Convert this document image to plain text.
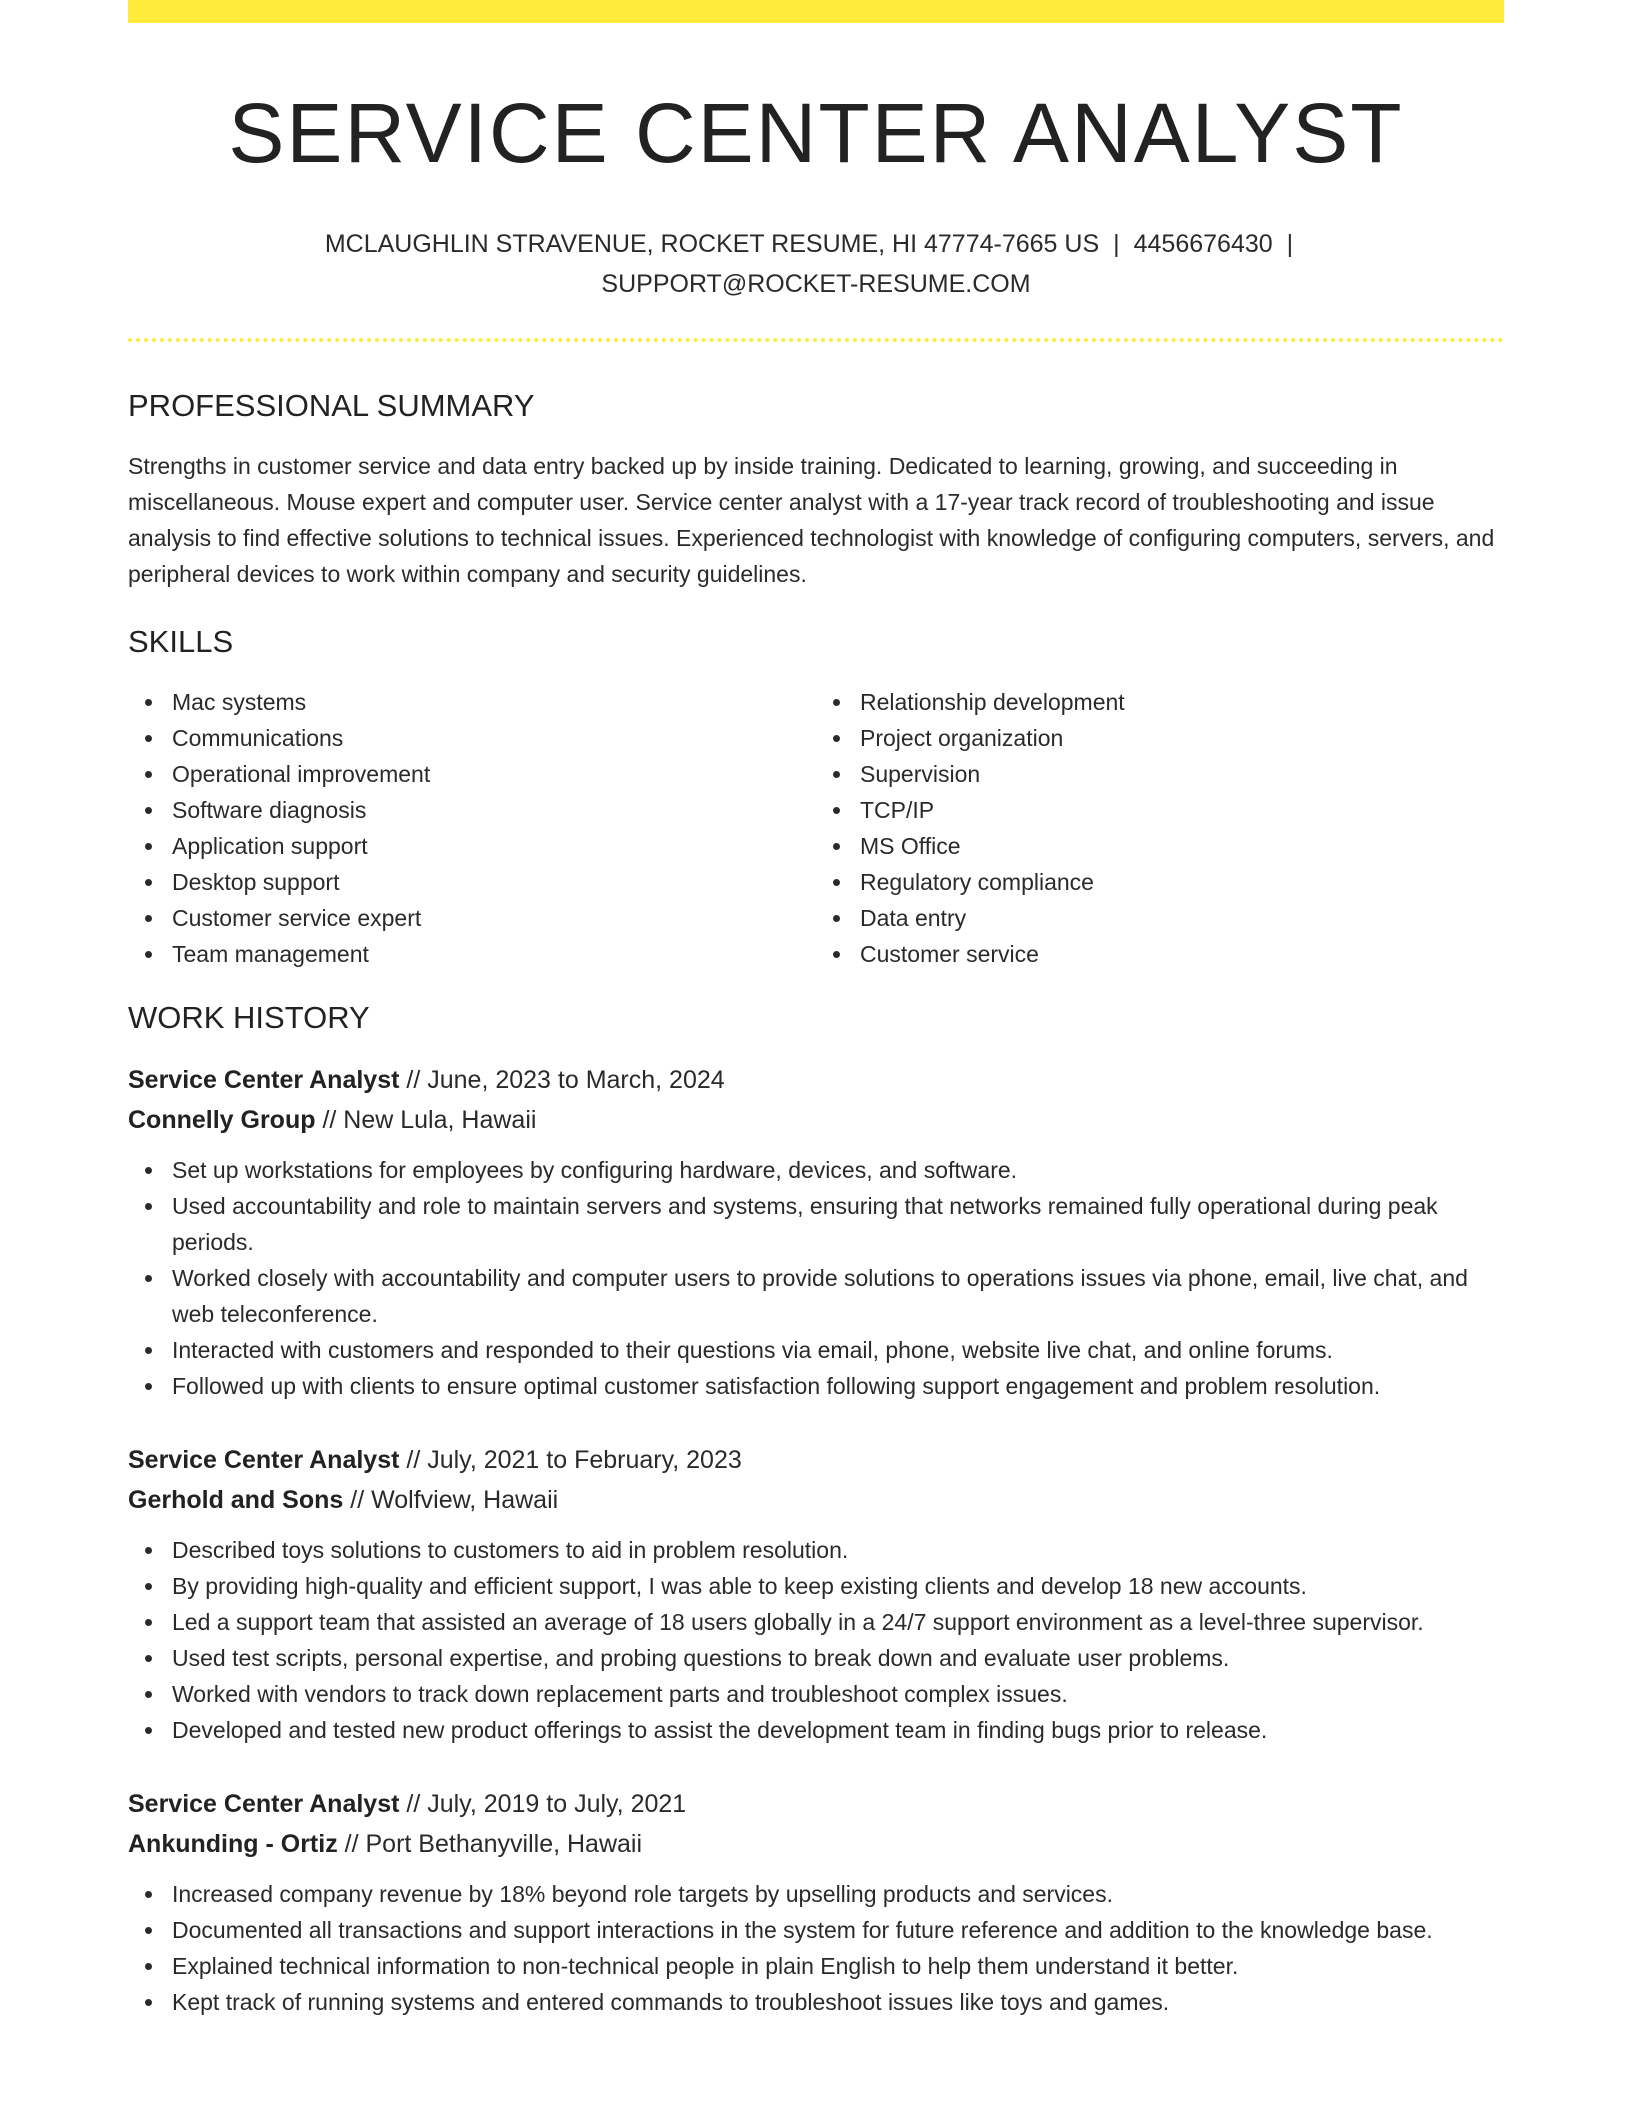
SERVICE CENTER ANALYST
MCLAUGHLIN STRAVENUE, ROCKET RESUME, HI 47774-7665 US | 4456676430 |
SUPPORT@ROCKET-RESUME.COM
PROFESSIONAL SUMMARY
Strengths in customer service and data entry backed up by inside training. Dedicated to learning, growing, and succeeding in miscellaneous. Mouse expert and computer user. Service center analyst with a 17-year track record of troubleshooting and issue analysis to find effective solutions to technical issues. Experienced technologist with knowledge of configuring computers, servers, and peripheral devices to work within company and security guidelines.
SKILLS
Mac systems
Communications
Operational improvement
Software diagnosis
Application support
Desktop support
Customer service expert
Team management
Relationship development
Project organization
Supervision
TCP/IP
MS Office
Regulatory compliance
Data entry
Customer service
WORK HISTORY
Service Center Analyst // June, 2023 to March, 2024
Connelly Group // New Lula, Hawaii
Set up workstations for employees by configuring hardware, devices, and software.
Used accountability and role to maintain servers and systems, ensuring that networks remained fully operational during peak periods.
Worked closely with accountability and computer users to provide solutions to operations issues via phone, email, live chat, and web teleconference.
Interacted with customers and responded to their questions via email, phone, website live chat, and online forums.
Followed up with clients to ensure optimal customer satisfaction following support engagement and problem resolution.
Service Center Analyst // July, 2021 to February, 2023
Gerhold and Sons // Wolfview, Hawaii
Described toys solutions to customers to aid in problem resolution.
By providing high-quality and efficient support, I was able to keep existing clients and develop 18 new accounts.
Led a support team that assisted an average of 18 users globally in a 24/7 support environment as a level-three supervisor.
Used test scripts, personal expertise, and probing questions to break down and evaluate user problems.
Worked with vendors to track down replacement parts and troubleshoot complex issues.
Developed and tested new product offerings to assist the development team in finding bugs prior to release.
Service Center Analyst // July, 2019 to July, 2021
Ankunding - Ortiz // Port Bethanyville, Hawaii
Increased company revenue by 18% beyond role targets by upselling products and services.
Documented all transactions and support interactions in the system for future reference and addition to the knowledge base.
Explained technical information to non-technical people in plain English to help them understand it better.
Kept track of running systems and entered commands to troubleshoot issues like toys and games.
